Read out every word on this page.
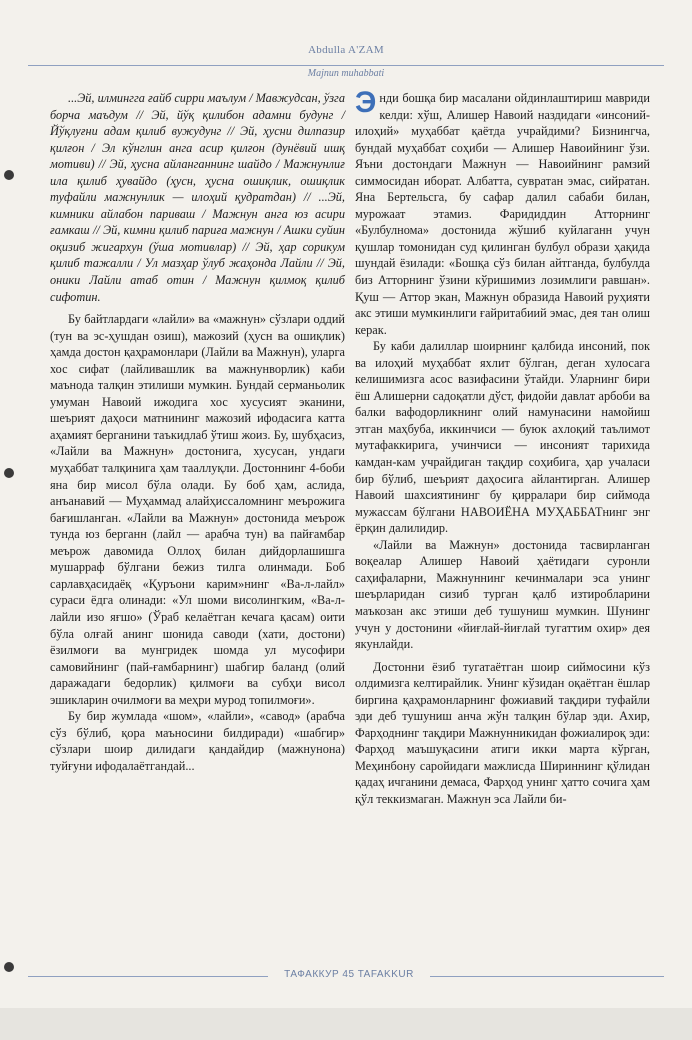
Abdulla A'ZAM
Majnun muhabbati

...Эй, илмингга ғайб сирри маълум / Мавжудсан, ўзга борча маъдум // Эй, йўқ қилибон адамни будунг / Йўқлуғни адам қилиб вужудунг // Эй, ҳусни дилпазир қилғон / Эл кўнглин анга асир қилғон (дунёвий ишқ мотиви) // Эй, ҳусна айланганнинг шайдо / Мажнунлиғ ила қилиб ҳувайдо (ҳусн, ҳусна ошиқлик, ошиқлик туфайли мажнунлик — илоҳий қудратдан) // ...Эй, кимники айлабон париваш / Мажнун анга юз асири ғамкаш // Эй, кимни қилиб париға мажнун / Ашки суйин оқизиб жигархун (ўша мотивлар) // Эй, ҳар сорикум қилиб тажалли / Ул мазҳар ўлуб жаҳонда Лайли // Эй, оники Лайли атаб отин / Мажнун қилмоқ қилиб сифотин.

Бу байтлардаги «лайли» ва «мажнун» сўзлари оддий (тун ва эс-ҳушдан озиш), мажозий (ҳусн ва ошиқлик) ҳамда достон қаҳрамонлари (Лайли ва Мажнун), уларга хос сифат (лайливашлик ва мажнунворлик) каби маънода талқин этилиши мумкин. Бундай серманьолик умуман Навоий ижодига хос хусусият эканини, шеърият даҳоси матнининг мажозий ифодасига катта аҳамият берганини таъкидлаб ўтиш жоиз. Бу, шубҳасиз, «Лайли ва Мажнун» достонига, хусусан, ундаги муҳаббат талқинига ҳам тааллуқли. Достоннинг 4-боби яна бир мисол бўла олади. Бу боб ҳам, аслида, анъанавий — Муҳаммад алайҳиссаломнинг меърожига бағишланган. «Лайли ва Мажнун» достонида меърож тунда юз берганн (лайл — арабча тун) ва пайғамбар меърож давомида Оллоҳ билан дийдорлашишга мушарраф бўлгани бежиз тилга олинмади. Боб сарлавҳасидаёқ «Қуръони карим»нинг «Ва-л-лайл» сураси ёдга олинади: «Ул шоми висолингким, «Ва-л-лайли изо яғшо» (Ўраб келаётган кечага қасам) оити бўла олғай анинг шонида саводи (хати, достони) ёзилмоғи ва мунгридек шомда ул мусофири самовийнинг (пай-ғамбарнинг) шабгир баланд (олий даражадаги бедорлик) қилмоғи ва субҳи висол эшикларин очилмоғи ва меҳри мурод топилмоғи».

Бу бир жумлада «шом», «лайли», «савод» (арабча сўз бўлиб, қора маъносини билдиради) «шабгир» сўзлари шоир дилидаги қандайдир (мажнунона) туйғуни ифодалаётгандай...

Энди бошқа бир масалани ойдинлаштириш мавриди келди: хўш, Алишер Навоий наздидаги «инсоний-илоҳий» муҳаббат қаётда учрайдими? Бизнингча, бундай муҳаббат соҳиби — Алишер Навоийнинг ўзи. Яъни достондаги Мажнун — Навоийнинг рамзий симмосидан иборат. Албатта, сувратан эмас, сийратан. Яна Бертельсга, бу сафар далил сабаби билан, мурожаат этамиз. Фаридиддин Атторнинг «Булбулнома» достонида жўшиб куйлаганн учун қушлар томонидан суд қилинган булбул образи ҳақида шундай ёзилади: «Бошқа сўз билан айтганда, булбулда биз Атторнинг ўзини кўришимиз лозимлиги равшан». Қуш — Аттор экан, Мажнун образида Навоий руҳияти акс этиши мумкинлиги ғайритабиий эмас, дея тан олиш керак.

Бу каби далиллар шоирнинг қалбида инсоний, пок ва илоҳий муҳаббат яхлит бўлган, деган хулосага келишимизга асос вазифасини ўтайди. Уларнинг бири ёш Алишерни садоқатли дўст, фидойи давлат арбоби ва балки вафодорликнинг олий намунасини намойиш этган маҳбуба, иккинчиси — буюк ахлоқий таълимот мутафаккирига, учинчиси — инсоният тарихида камдан-кам учрайдиган тақдир соҳибига, ҳар учаласи бир бўлиб, шеърият даҳосига айлантирган. Алишер Навоий шахсиятининг бу қирралари бир сиймода мужассам бўлгани НАВОИЁНА МУҲАББАТнинг энг ёрқин далилидир.

«Лайли ва Мажнун» достонида тасвирланган воқеалар Алишер Навоий ҳаётидаги суронли саҳифаларни, Мажнуннинг кечинмалари эса унинг шеърларидан сизиб турган қалб изтиробларини маъкозан акс этиши деб тушуниш мумкин. Шунинг учун у достонини «йиғлай-йиғлай тугаттим охир» дея якунлайди.

Достонни ёзиб тугатаётган шоир сиймосини кўз олдимизга келтирайлик. Унинг кўзидан оқаётган ёшлар биргина қаҳрамонларнинг фожиавий тақдири туфайли эди деб тушуниш анча жўн талқин бўлар эди. Ахир, Фарҳоднинг тақдири Мажнунникидан фожиалироқ эди: Фарҳод маъшуқасини атиги икки марта кўрган, Меҳинбону саройидаги мажлисда Шириннинг қўлидан қадаҳ ичганини демаса, Фарҳод унинг ҳатто сочига ҳам қўл теккизмаган. Мажнун эса Лайли би-

ТАФАККУР 45 TAFAKKUR
